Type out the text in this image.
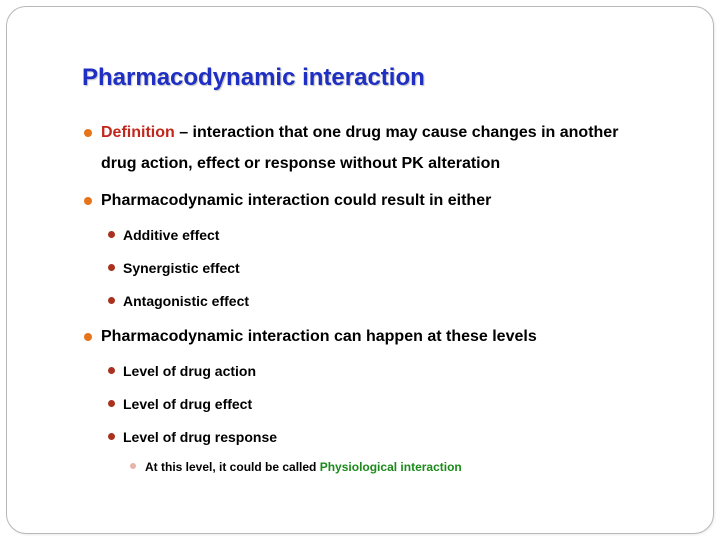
Pharmacodynamic interaction
Definition – interaction that one drug may cause changes in another
drug action, effect or response without PK alteration
Pharmacodynamic interaction could result in either
Additive effect
Synergistic effect
Antagonistic effect
Pharmacodynamic interaction can happen at these levels
Level of drug action
Level of drug effect
Level of drug response
At this level, it could be called Physiological interaction
